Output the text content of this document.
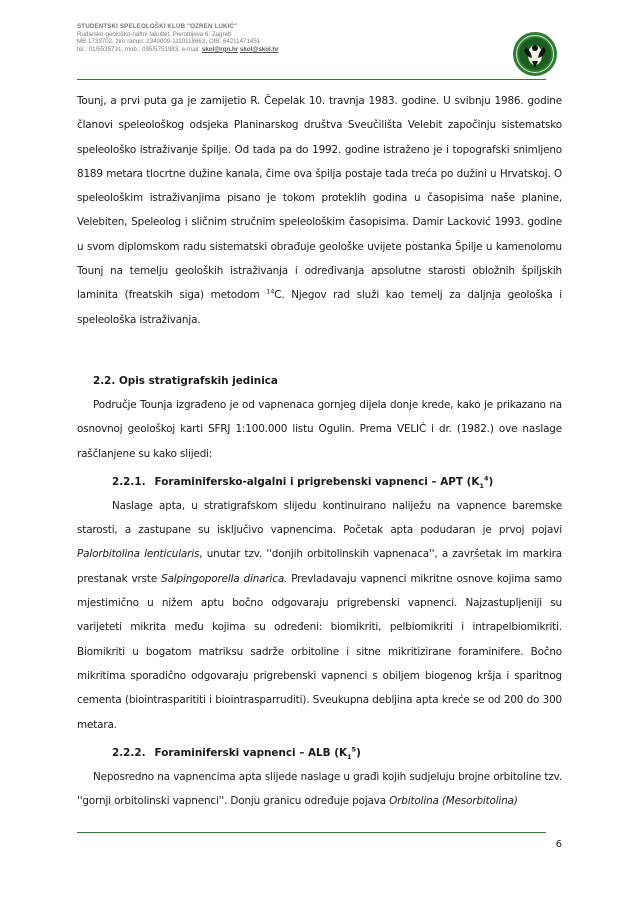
STUDENTSKI SPELEOLOŠKI KLUB "OZREN LUKIĆ"
Rudarsko-geološko-naftni fakultet, Pierottijeva 6, Zagreb
MB 1733702, žiro račun: 2340009-1110118663, OIB: 64211471451
tel.: 01/5535731, mob.: 095/5751983, e-mail: skol@rgn.hr skol@skol.hr

Tounj, a prvi puta ga je zamijetio R. Čepelak 10. travnja 1983. godine. U svibnju 1986. godine članovi speleološkog odsjeka Planinarskog društva Sveučilišta Velebit započinju sistematsko speleološko istraživanje špilje. Od tada pa do 1992. godine istraženo je i topografski snimljeno 8189 metara tlocrtne dužine kanala, čime ova špilja postaje tada treća po dužini u Hrvatskoj. O speleološkim istraživanjima pisano je tokom proteklih godina u časopisima naše planine, Velebiten, Speleolog i sličnim stručnim speleološkim časopisima. Damir Lacković 1993. godine u svom diplomskom radu sistematski obrađuje geološke uvijete postanka Špilje u kamenolomu Tounj na temelju geoloških istraživanja i određivanja apsolutne starosti obložnih špiljskih laminita (freatskih siga) metodom $^{14}$C. Njegov rad služi kao temelj za daljnja geološka i speleološka istraživanja.

2.2. Opis stratigrafskih jedinica

Područje Tounja izgrađeno je od vapnenaca gornjeg dijela donje krede, kako je prikazano na osnovnoj geološkoj karti SFRJ 1:100.000 listu Ogulin. Prema VELIĆ i dr. (1982.) ove naslage raščlanjene su kako slijedi:

2.2.1. Foraminifersko-algalni i prigrebenski vapnenci – APT $(K_1^4)$

Naslage apta, u stratigrafskom slijedu kontinuirano naliježu na vapnence baremske starosti, a zastupane su isključivo vapnencima. Početak apta podudaran je prvoj pojavi Palorbitolina lenticularis, unutar tzv. ''donjih orbitolinskih vapnenaca'', a završetak im markira prestanak vrste Salpingoporella dinarica. Prevladavaju vapnenci mikritne osnove kojima samo mjestimično u nižem aptu bočno odgovaraju prigrebenski vapnenci. Najzastupljeniji su varijeteti mikrita među kojima su određeni: biomikriti, pelbiomikriti i intrapelbiomikriti. Biomikriti u bogatom matriksu sadrže orbitoline i sitne mikritizirane foraminifere. Bočno mikritima sporadično odgovaraju prigrebenski vapnenci s obiljem biogenog kršja i sparitnog cementa (biointrasparititi i biointrasparruditi). Sveukupna debljina apta kreće se od 200 do 300 metara.

2.2.2. Foraminiferski vapnenci – ALB $(K_1^5)$

Neposredno na vapnencima apta slijede naslage u građi kojih sudjeluju brojne orbitoline tzv. ''gornji orbitolinski vapnenci''. Donju granicu određuje pojava Orbitolina (Mesorbitolina)

6
